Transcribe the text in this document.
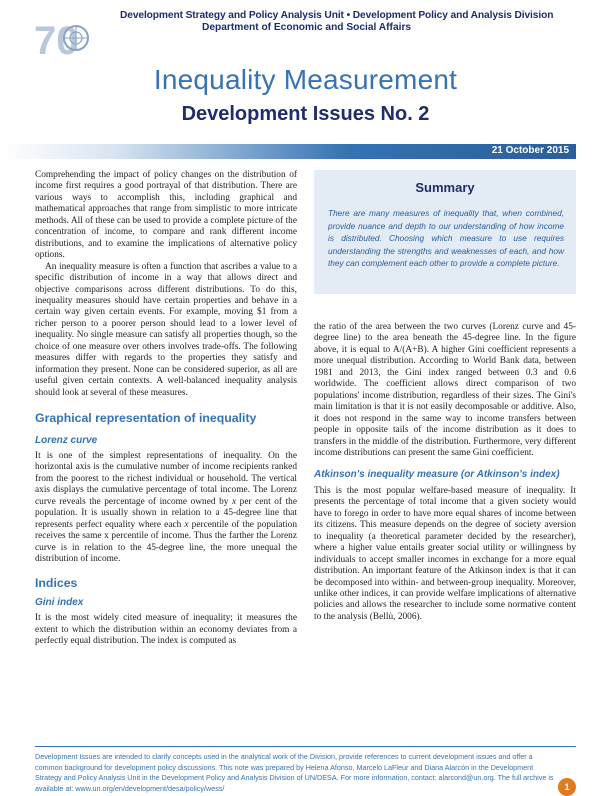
70
Development Strategy and Policy Analysis Unit • Development Policy and Analysis Division
Department of Economic and Social Affairs
Inequality Measurement
Development Issues No. 2
21 October 2015
Summary
There are many measures of inequality that, when combined, provide nuance and depth to our understanding of how income is distributed. Choosing which measure to use requires understanding the strengths and weaknesses of each, and how they can complement each other to provide a complete picture.

Comprehending the impact of policy changes on the distribution of income first requires a good portrayal of that distribution. There are various ways to accomplish this, including graphical and mathematical approaches that range from simplistic to more intricate methods. All of these can be used to provide a complete picture of the concentration of income, to compare and rank different income distributions, and to examine the implications of alternative policy options.

An inequality measure is often a function that ascribes a value to a specific distribution of income in a way that allows direct and objective comparisons across different distributions. To do this, inequality measures should have certain properties and behave in a certain way given certain events. For example, moving $1 from a richer person to a poorer person should lead to a lower level of inequality. No single measure can satisfy all properties though, so the choice of one measure over others involves trade-offs. The following measures differ with regards to the properties they satisfy and information they present. None can be considered superior, as all are useful given certain contexts. A well-balanced inequality analysis should look at several of these measures.

Graphical representation of inequality
Lorenz curve

It is one of the simplest representations of inequality. On the horizontal axis is the cumulative number of income recipients ranked from the poorest to the richest individual or household. The vertical axis displays the cumulative percentage of total income. The Lorenz curve reveals the percentage of income owned by x per cent of the population. It is usually shown in relation to a 45-degree line that represents perfect equality where each x percentile of the population receives the same x percentile of income. Thus the farther the Lorenz curve is in relation to the 45-degree line, the more unequal the distribution of income.

Indices
Gini index

It is the most widely cited measure of inequality; it measures the extent to which the distribution within an economy deviates from a perfectly equal distribution. The index is computed as

the ratio of the area between the two curves (Lorenz curve and 45-degree line) to the area beneath the 45-degree line. In the figure above, it is equal to A/(A+B). A higher Gini coefficient represents a more unequal distribution. According to World Bank data, between 1981 and 2013, the Gini index ranged between 0.3 and 0.6 worldwide. The coefficient allows direct comparison of two populations' income distribution, regardless of their sizes. The Gini's main limitation is that it is not easily decomposable or additive. Also, it does not respond in the same way to income transfers between people in opposite tails of the income distribution as it does to transfers in the middle of the distribution. Furthermore, very different income distributions can present the same Gini coefficient.

Atkinson's inequality measure (or Atkinson's index)

This is the most popular welfare-based measure of inequality. It presents the percentage of total income that a given society would have to forego in order to have more equal shares of income between its citizens. This measure depends on the degree of society aversion to inequality (a theoretical parameter decided by the researcher), where a higher value entails greater social utility or willingness by individuals to accept smaller incomes in exchange for a more equal distribution. An important feature of the Atkinson index is that it can be decomposed into within- and between-group inequality. Moreover, unlike other indices, it can provide welfare implications of alternative policies and allows the researcher to include some normative content to the analysis (Bellù, 2006).

Development Issues are intended to clarify concepts used in the analytical work of the Division, provide references to current development issues and offer a common background for development policy discussions. This note was prepared by Helena Afonso, Marcelo LaFleur and Diana Alarcón in the Development Strategy and Policy Analysis Unit in the Development Policy and Analysis Division of UN/DESA. For more information, contact: alarcond@un.org. The full archive is available at: www.un.org/en/development/desa/policy/wess/	1
